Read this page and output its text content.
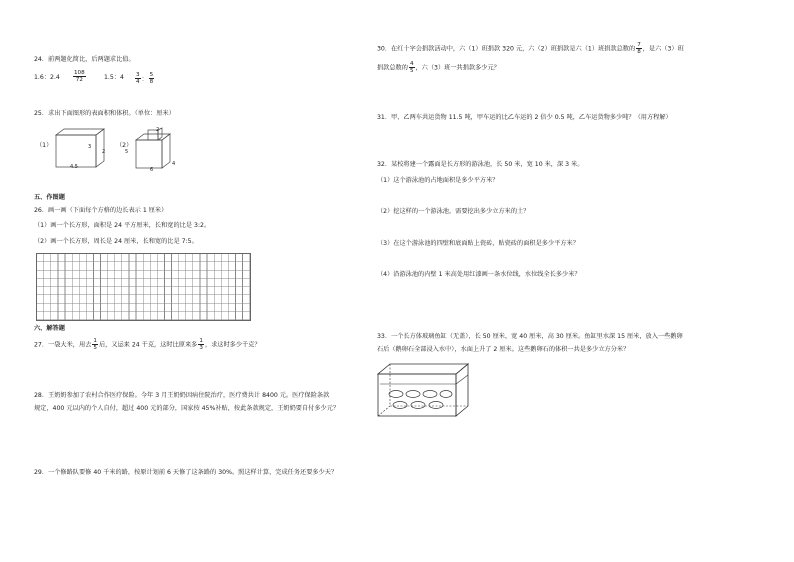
24．前两题化简比，后两题求比值。
1.6：$2.4 \frac{108}{72}$	1.5：$4 \frac{3}{4}$ ： $\frac{5}{8}$
25．求出下面图形的表面积和体积。（单位：厘米）
（1）	3
2
4.5
（2）
2
5
6
4
五、作图题
26．画一画（下面每个方格的边长表示 1 厘米）
（1）画一个长方形，面积是 24 平方厘米，长和宽的比是 3:2。
（2）画一个长方形，周长是 24 厘米，长和宽的比是 7:5。
六、解答题
27．一袋大米，用去 $\frac{1}{5}$ 后，又运来 24 千克，这时比原来多 $\frac{1}{3}$ ，求这时多少千克？
28．王奶奶参加了农村合作医疗保险。今年 3 月王奶奶因病住院治疗，医疗费共计 8400 元。医疗保险条款
规定，400 元以内的个人自付，超过 400 元的部分，国家按 45%补贴，按此条款规定，王奶奶要自付多少元？
29．一个修路队要修 40 千米的路，按原计划前 6 天修了这条路的 30%。照这样计算，完成任务还要多少天？
30．在红十字会捐款活动中，六（1）班捐款 320 元，六（2）班捐款是六（1）班捐款总数的 $\frac{7}{8}$ ，是六（3）班
捐款总数的 $\frac{4}{5}$ ，六（3）班一共捐款多少元？
31．甲、乙两车共运货物 11.5 吨，甲车运的比乙车运的 2 倍少 0.5 吨，乙车运货物多少吨？（用方程解）
32．某校将建一个露面是长方形的游泳池，长 50 米，宽 10 米，深 3 米。
（1）这个游泳池的占地面积是多少平方米？
（2）挖这样的一个游泳池，需要挖出多少立方米的土？
（3）在这个游泳池的四壁和底面贴上瓷砖，贴瓷砖的面积是多少平方米？
（4）沿游泳池的内壁 1 米高处用红漆画一条水位线，水位线全长多少米？
33．一个长方体玻璃鱼缸（无盖），长 50 厘米，宽 40 厘米，高 30 厘米。鱼缸里水深 15 厘米，放入一些鹅卵
石后（鹅卵石全部浸入水中），水面上升了 2 厘米。这些鹅卵石的体积一共是多少立方分米？
